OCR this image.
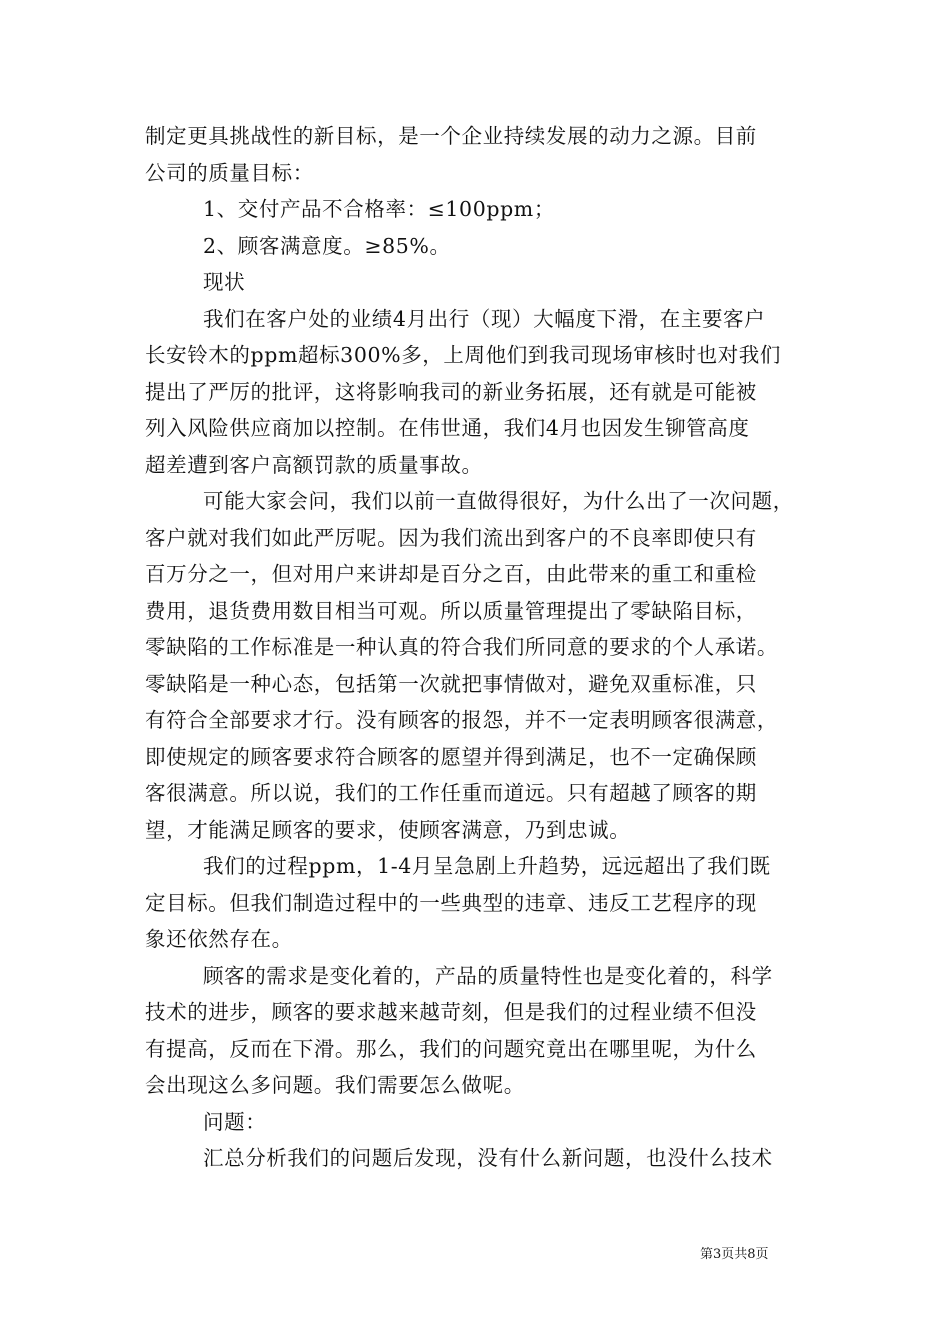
制定更具挑战性的新目标，是一个企业持续发展的动力之源。目前
公司的质量目标：
1、交付产品不合格率：≤100ppm；
2、顾客满意度。≥85%。
现状
我们在客户处的业绩4月出行（现）大幅度下滑，在主要客户
长安铃木的ppm超标300%多，上周他们到我司现场审核时也对我们
提出了严厉的批评，这将影响我司的新业务拓展，还有就是可能被
列入风险供应商加以控制。在伟世通，我们4月也因发生铆管高度
超差遭到客户高额罚款的质量事故。
可能大家会问，我们以前一直做得很好，为什么出了一次问题，
客户就对我们如此严厉呢。因为我们流出到客户的不良率即使只有
百万分之一，但对用户来讲却是百分之百，由此带来的重工和重检
费用，退货费用数目相当可观。所以质量管理提出了零缺陷目标，
零缺陷的工作标准是一种认真的符合我们所同意的要求的个人承诺。
零缺陷是一种心态，包括第一次就把事情做对，避免双重标准，只
有符合全部要求才行。没有顾客的报怨，并不一定表明顾客很满意，
即使规定的顾客要求符合顾客的愿望并得到满足，也不一定确保顾
客很满意。所以说，我们的工作任重而道远。只有超越了顾客的期
望，才能满足顾客的要求，使顾客满意，乃到忠诚。
我们的过程ppm，1-4月呈急剧上升趋势，远远超出了我们既
定目标。但我们制造过程中的一些典型的违章、违反工艺程序的现
象还依然存在。
顾客的需求是变化着的，产品的质量特性也是变化着的，科学
技术的进步，顾客的要求越来越苛刻，但是我们的过程业绩不但没
有提高，反而在下滑。那么，我们的问题究竟出在哪里呢，为什么
会出现这么多问题。我们需要怎么做呢。
问题：
汇总分析我们的问题后发现，没有什么新问题，也没什么技术
第3页共8页
